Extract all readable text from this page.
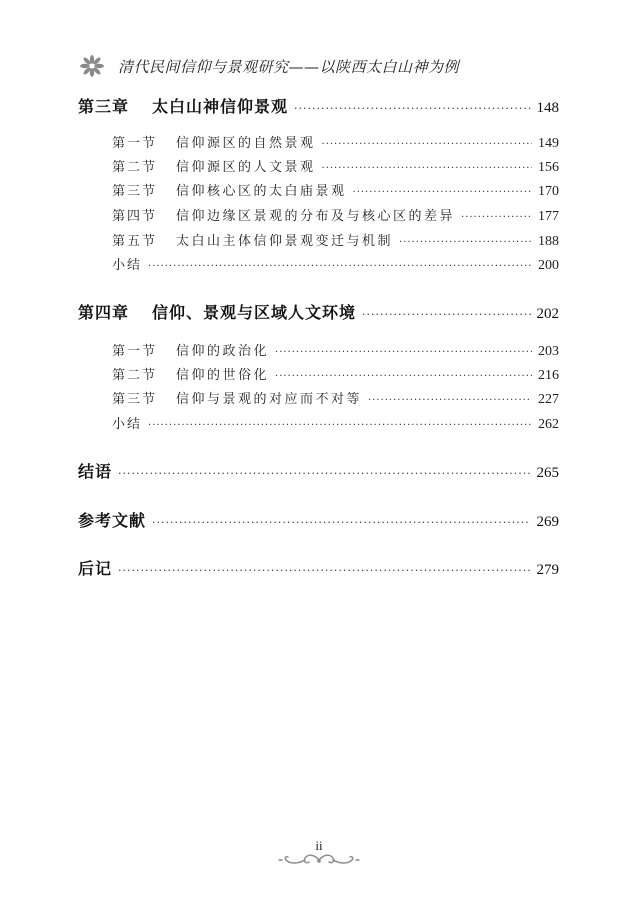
清代民间信仰与景观研究——以陕西太白山神为例
第三章	太白山神信仰景观 ·····	148
第一节	信仰源区的自然景观 ·····	149
第二节	信仰源区的人文景观 ·····	156
第三节	信仰核心区的太白庙景观 ·····	170
第四节	信仰边缘区景观的分布及与核心区的差异 ·····	177
第五节	太白山主体信仰景观变迁与机制 ·····	188
小结 ·····	200
第四章	信仰、景观与区域人文环境 ·····	202
第一节	信仰的政治化 ·····	203
第二节	信仰的世俗化 ·····	216
第三节	信仰与景观的对应而不对等 ·····	227
小结 ·····	262
结语 ·····	265
参考文献 ·····	269
后记 ·····	279
ii
